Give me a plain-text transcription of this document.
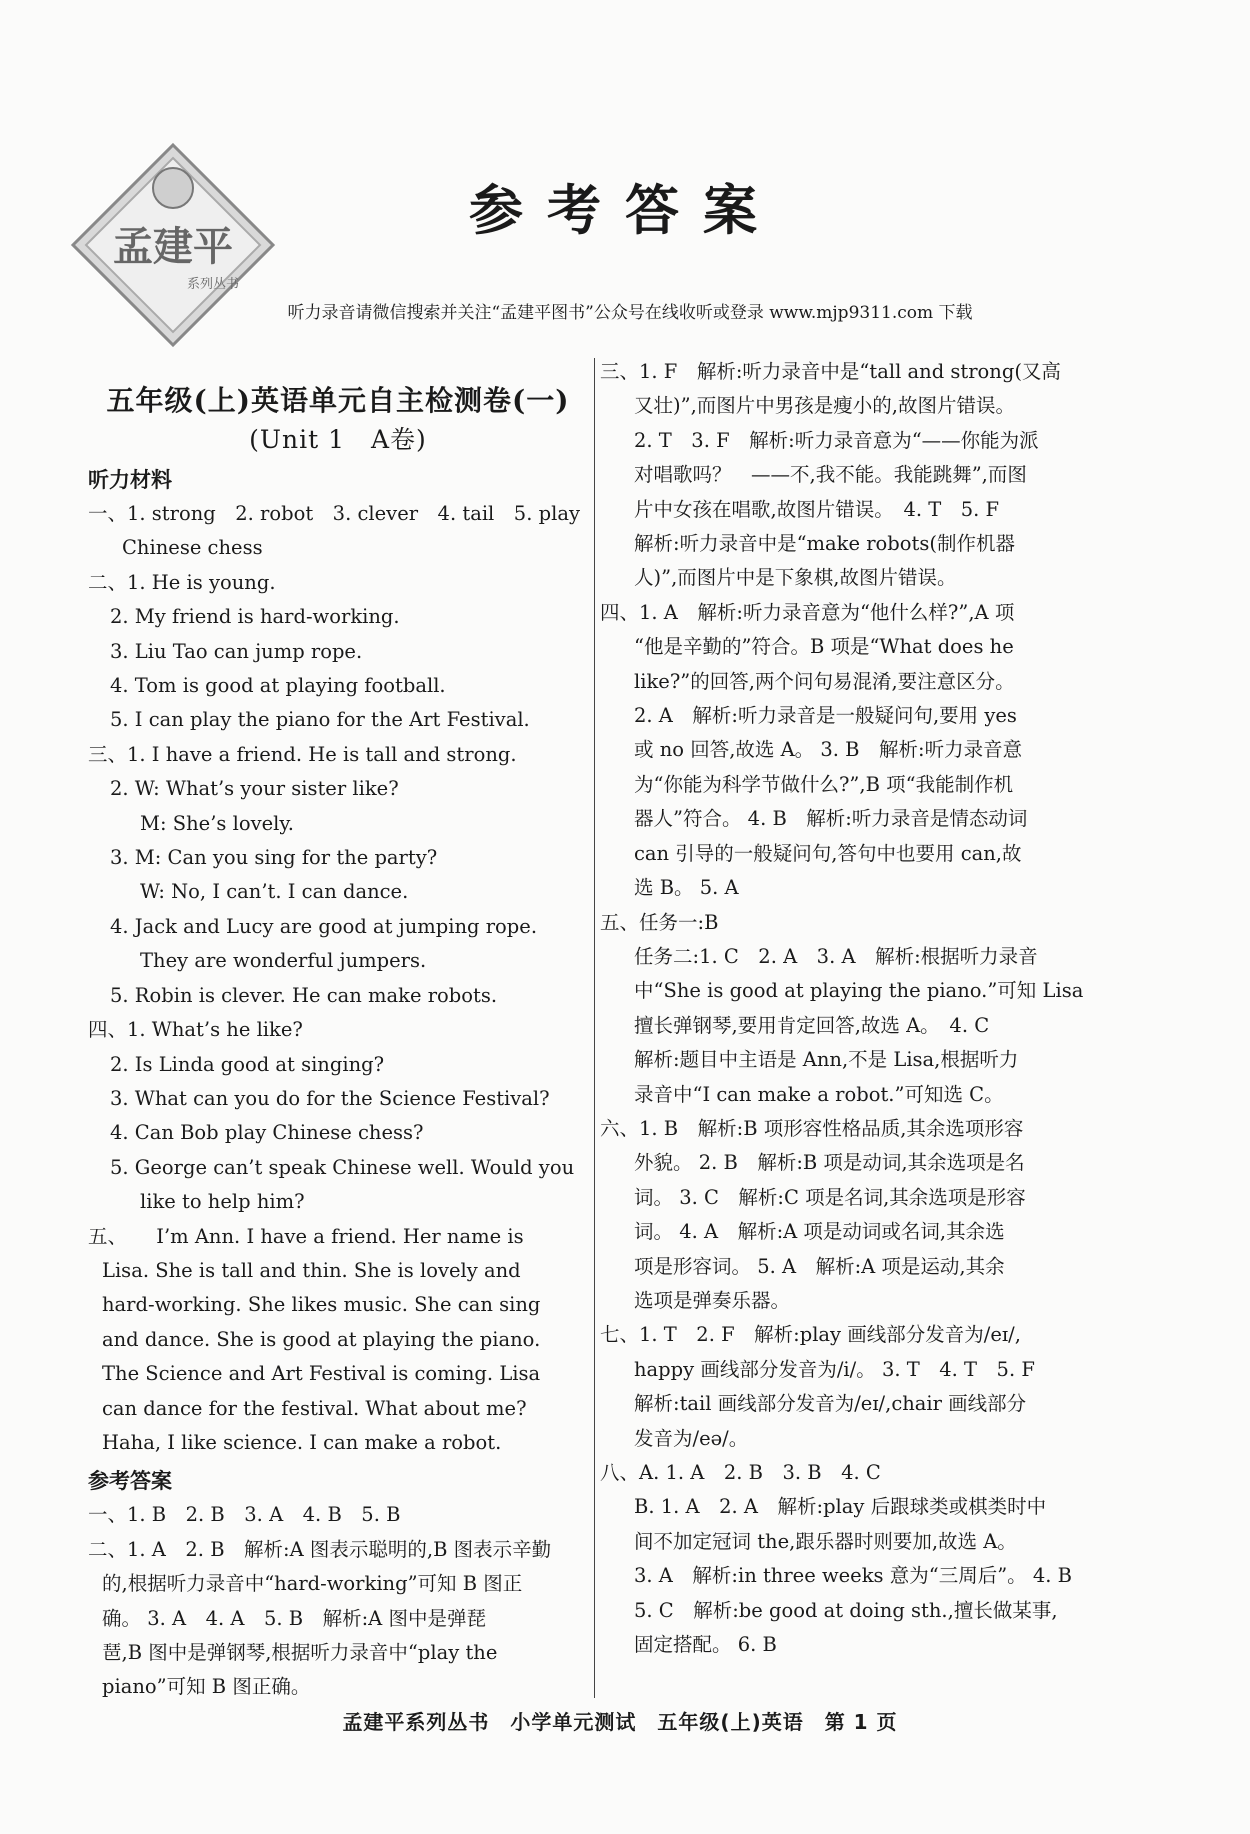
孟建平
系列丛书
参考答案
听力录音请微信搜索并关注“孟建平图书”公众号在线收听或登录 www.mjp9311.com 下载
五年级(上)英语单元自主检测卷(一)
(Unit 1　A卷)
听力材料
一、1. strong　2. robot　3. clever　4. tail　5. play
Chinese chess
二、1. He is young.
2. My friend is hard-working.
3. Liu Tao can jump rope.
4. Tom is good at playing football.
5. I can play the piano for the Art Festival.
三、1. I have a friend. He is tall and strong.
2. W: What’s your sister like?
M: She’s lovely.
3. M: Can you sing for the party?
W: No, I can’t. I can dance.
4. Jack and Lucy are good at jumping rope.
They are wonderful jumpers.
5. Robin is clever. He can make robots.
四、1. What’s he like?
2. Is Linda good at singing?
3. What can you do for the Science Festival?
4. Can Bob play Chinese chess?
5. George can’t speak Chinese well. Would you
like to help him?
五、　　I’m Ann. I have a friend. Her name is
Lisa. She is tall and thin. She is lovely and
hard-working. She likes music. She can sing
and dance. She is good at playing the piano.
The Science and Art Festival is coming. Lisa
can dance for the festival. What about me?
Haha, I like science. I can make a robot.
参考答案
一、1. B　2. B　3. A　4. B　5. B
二、1. A　2. B　解析:A 图表示聪明的,B 图表示辛勤
的,根据听力录音中“hard-working”可知 B 图正
确。 3. A　4. A　5. B　解析:A 图中是弹琵
琶,B 图中是弹钢琴,根据听力录音中“play the
piano”可知 B 图正确。
三、1. F　解析:听力录音中是“tall and strong(又高
又壮)”,而图片中男孩是瘦小的,故图片错误。
2. T　3. F　解析:听力录音意为“——你能为派
对唱歌吗？　——不,我不能。我能跳舞”,而图
片中女孩在唱歌,故图片错误。　4. T　5. F
解析:听力录音中是“make robots(制作机器
人)”,而图片中是下象棋,故图片错误。
四、1. A　解析:听力录音意为“他什么样?”,A 项
“他是辛勤的”符合。B 项是“What does he
like?”的回答,两个问句易混淆,要注意区分。
2. A　解析:听力录音是一般疑问句,要用 yes
或 no 回答,故选 A。 3. B　解析:听力录音意
为“你能为科学节做什么?”,B 项“我能制作机
器人”符合。 4. B　解析:听力录音是情态动词
can 引导的一般疑问句,答句中也要用 can,故
选 B。 5. A
五、任务一:B
任务二:1. C　2. A　3. A　解析:根据听力录音
中“She is good at playing the piano.”可知 Lisa
擅长弹钢琴,要用肯定回答,故选 A。　4. C
解析:题目中主语是 Ann,不是 Lisa,根据听力
录音中“I can make a robot.”可知选 C。
六、1. B　解析:B 项形容性格品质,其余选项形容
外貌。 2. B　解析:B 项是动词,其余选项是名
词。 3. C　解析:C 项是名词,其余选项是形容
词。 4. A　解析:A 项是动词或名词,其余选
项是形容词。 5. A　解析:A 项是运动,其余
选项是弹奏乐器。
七、1. T　2. F　解析:play 画线部分发音为/eɪ/,
happy 画线部分发音为/i/。 3. T　4. T　5. F
解析:tail 画线部分发音为/eɪ/,chair 画线部分
发音为/eə/。
八、A. 1. A　2. B　3. B　4. C
B. 1. A　2. A　解析:play 后跟球类或棋类时中
间不加定冠词 the,跟乐器时则要加,故选 A。
3. A　解析:in three weeks 意为“三周后”。 4. B
5. C　解析:be good at doing sth.,擅长做某事,
固定搭配。 6. B
孟建平系列丛书　小学单元测试　五年级(上)英语　第 1 页
